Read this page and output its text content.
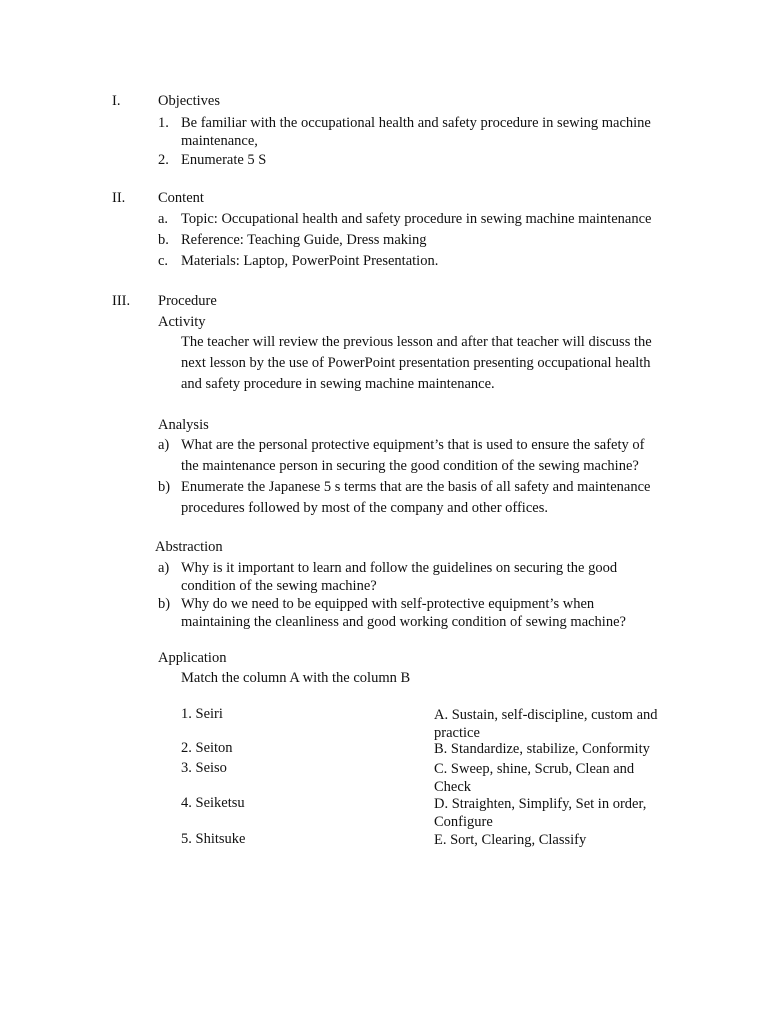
I.	Objectives
1. Be familiar with the occupational health and safety procedure in sewing machine
maintenance,
2. Enumerate 5 S
II. Content
a. Topic: Occupational health and safety procedure in sewing machine maintenance
b. Reference: Teaching Guide, Dress making
c. Materials: Laptop, PowerPoint Presentation.
III. Procedure
Activity
The teacher will review the previous lesson and after that teacher will discuss the
next lesson by the use of PowerPoint presentation presenting occupational health
and safety procedure in sewing machine maintenance.
Analysis
a) What are the personal protective equipment’s that is used to ensure the safety of
the maintenance person in securing the good condition of the sewing machine?
b) Enumerate the Japanese 5 s terms that are the basis of all safety and maintenance
procedures followed by most of the company and other offices.
Abstraction
a) Why is it important to learn and follow the guidelines on securing the good
condition of the sewing machine?
b) Why do we need to be equipped with self-protective equipment’s when
maintaining the cleanliness and good working condition of sewing machine?
Application
Match the column A with the column B
1. Seiri
2. Seiton
3. Seiso
4. Seiketsu
5. Shitsuke
A. Sustain, self-discipline, custom and
practice
B. Standardize, stabilize, Conformity
C. Sweep, shine, Scrub, Clean and
Check
D. Straighten, Simplify, Set in order,
Configure
E. Sort, Clearing, Classify
